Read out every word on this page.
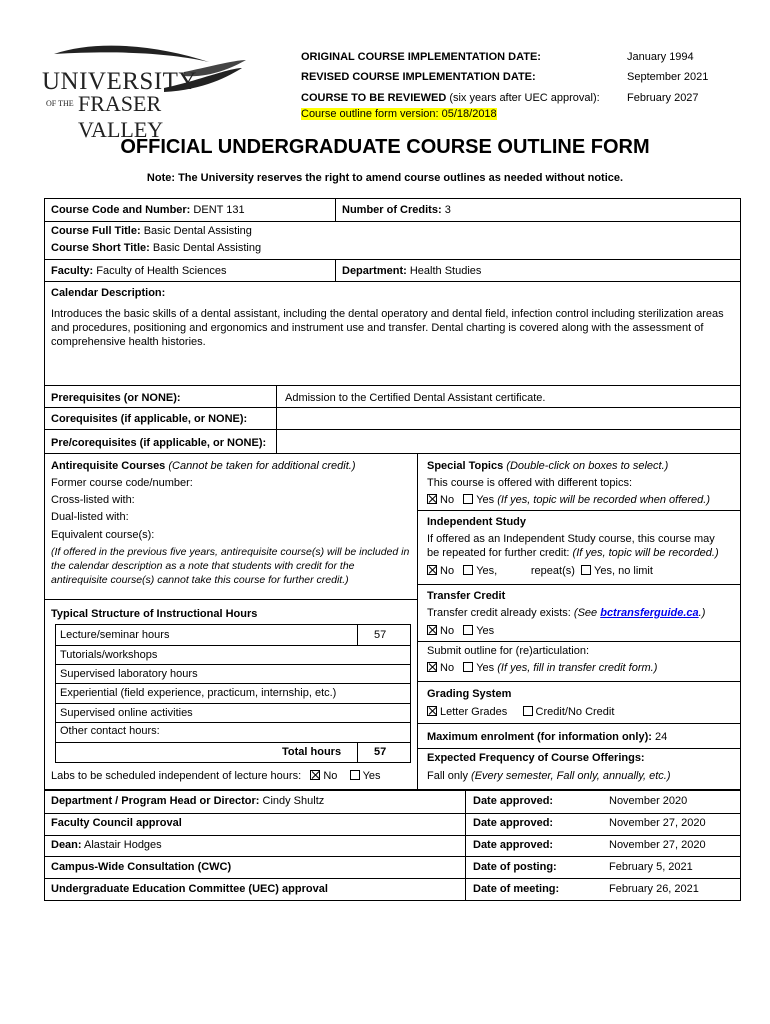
UNIVERSITY
OF THE FRASER VALLEY
ORIGINAL COURSE IMPLEMENTATION DATE:	January 1994
REVISED COURSE IMPLEMENTATION DATE:	September 2021
COURSE TO BE REVIEWED (six years after UEC approval): February 2027
Course outline form version: 05/18/2018
OFFICIAL UNDERGRADUATE COURSE OUTLINE FORM
Note: The University reserves the right to amend course outlines as needed without notice.
Course Code and Number: DENT 131	Number of Credits: 3
Course Full Title: Basic Dental Assisting
Course Short Title: Basic Dental Assisting
Faculty: Faculty of Health Sciences	Department: Health Studies
Calendar Description:
Introduces the basic skills of a dental assistant, including the dental operatory and dental field, infection control including sterilization areas and procedures, positioning and ergonomics and instrument use and transfer. Dental charting is covered along with the assessment of comprehensive health histories.
Prerequisites (or NONE):	Admission to the Certified Dental Assistant certificate.
Corequisites (if applicable, or NONE):
Pre/corequisites (if applicable, or NONE):
Antirequisite Courses (Cannot be taken for additional credit.)
Former course code/number:
Cross-listed with:
Dual-listed with:
Equivalent course(s):
(If offered in the previous five years, antirequisite course(s) will be included in the calendar description as a note that students with credit for the antirequisite course(s) cannot take this course for further credit.)
Typical Structure of Instructional Hours
Lecture/seminar hours	57
Tutorials/workshops
Supervised laboratory hours
Experiential (field experience, practicum, internship, etc.)
Supervised online activities
Other contact hours:
Total hours	57
Labs to be scheduled independent of lecture hours: No Yes
Special Topics (Double-click on boxes to select.)
This course is offered with different topics:
No Yes (If yes, topic will be recorded when offered.)
Independent Study
If offered as an Independent Study course, this course may
be repeated for further credit: (If yes, topic will be recorded.)
No Yes,	repeat(s) Yes, no limit
Transfer Credit
Transfer credit already exists: (See bctransferguide.ca.)
No Yes
Submit outline for (re)articulation:
No Yes (If yes, fill in transfer credit form.)
Grading System
Letter Grades	Credit/No Credit
Maximum enrolment (for information only): 24
Expected Frequency of Course Offerings:
Fall only (Every semester, Fall only, annually, etc.)
Department / Program Head or Director: Cindy Shultz	Date approved:	November 2020
Faculty Council approval	Date approved:	November 27, 2020
Dean: Alastair Hodges	Date approved:	November 27, 2020
Campus-Wide Consultation (CWC)	Date of posting:	February 5, 2021
Undergraduate Education Committee (UEC) approval	Date of meeting:	February 26, 2021
